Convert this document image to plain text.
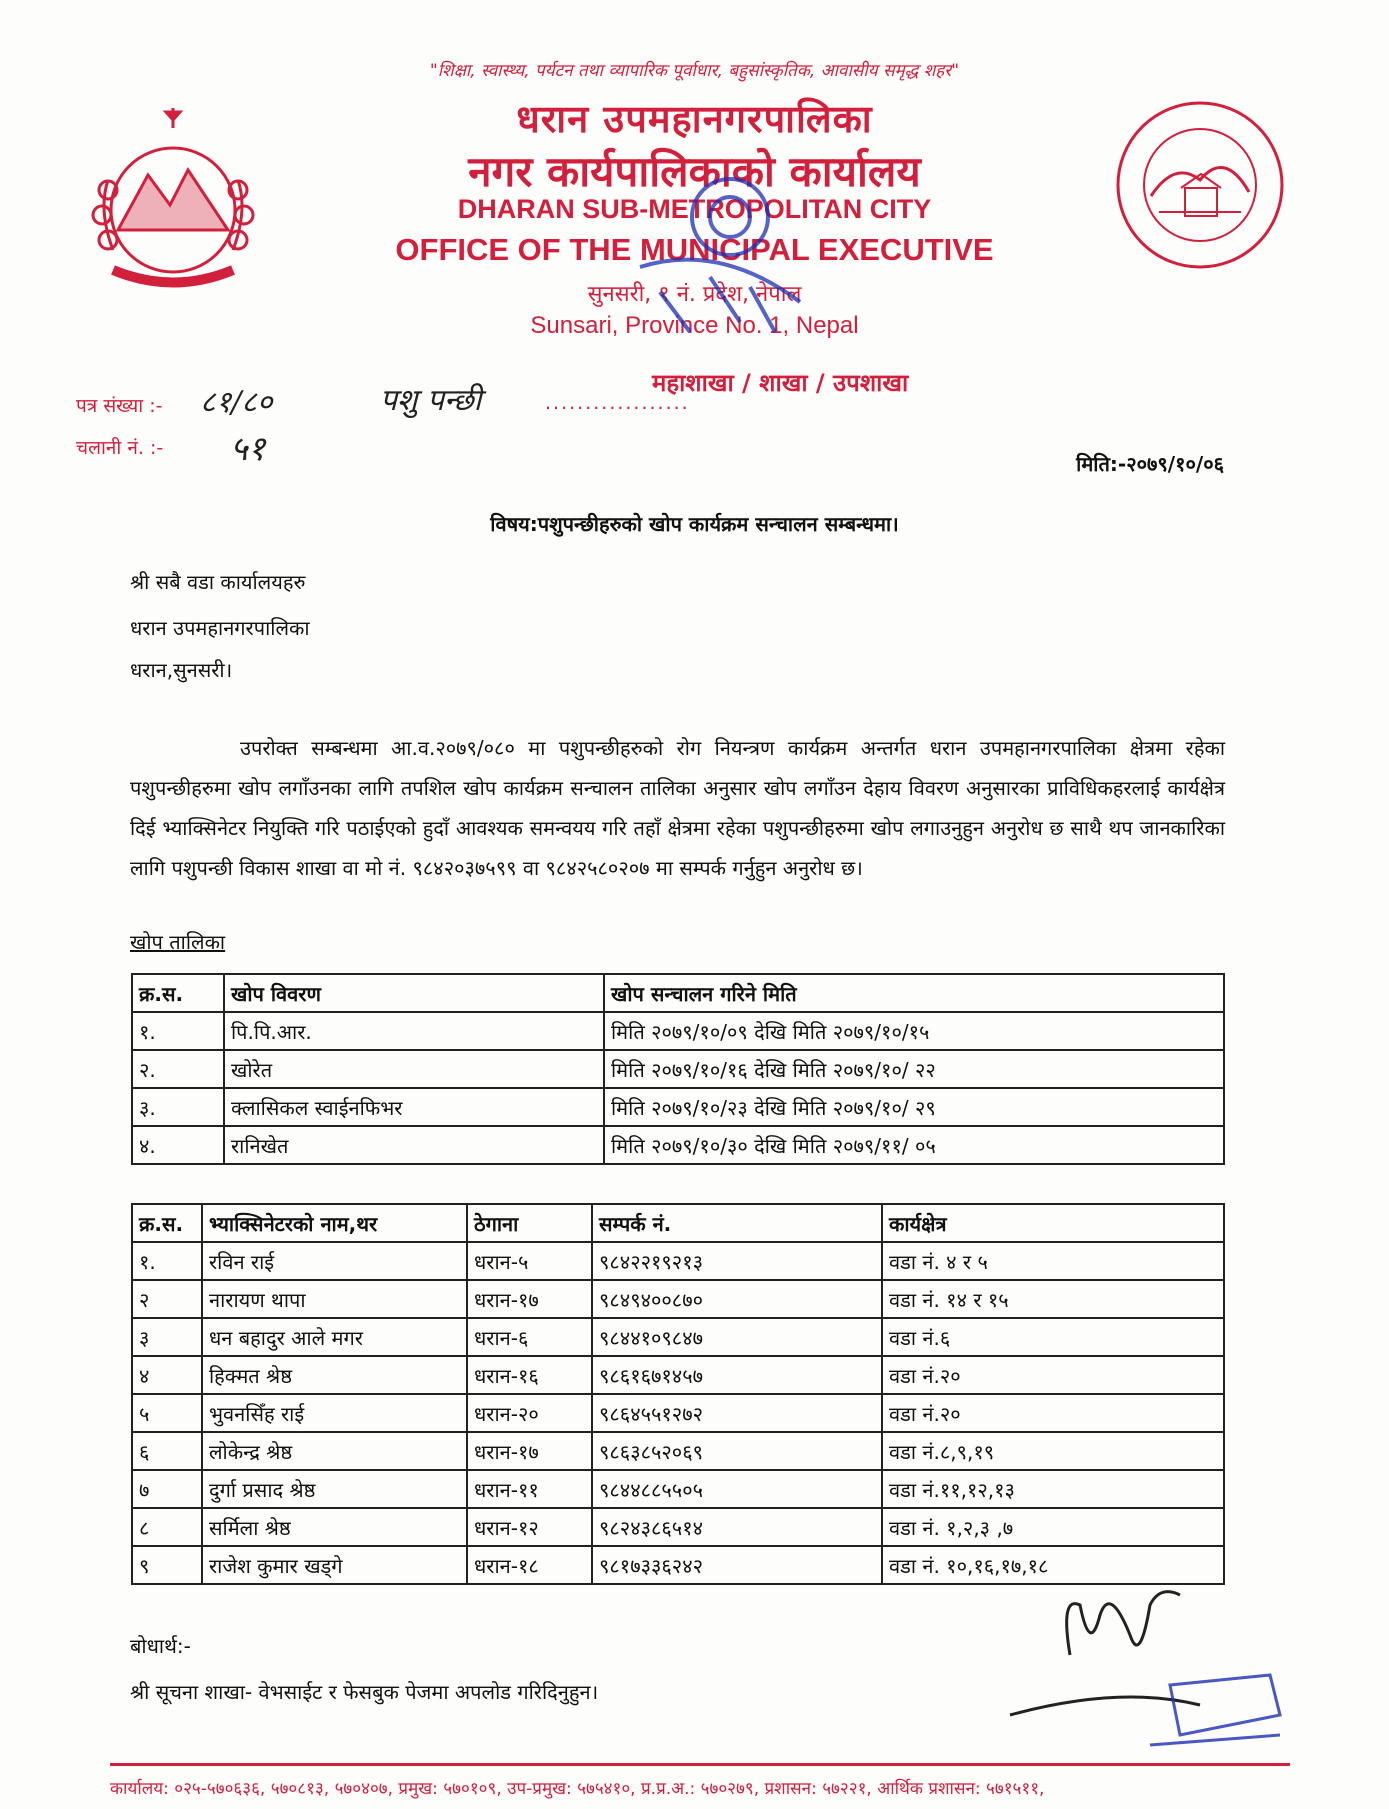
"शिक्षा, स्वास्थ्य, पर्यटन तथा व्यापारिक पूर्वाधार, बहुसांस्कृतिक, आवासीय समृद्ध शहर"
धरान उपमहानगरपालिका
नगर कार्यपालिकाको कार्यालय
DHARAN SUB-METROPOLITAN CITY
OFFICE OF THE MUNICIPAL EXECUTIVE
सुनसरी, १ नं. प्रदेश, नेपाल
Sunsari, Province No. 1, Nepal
पत्र संख्या :- ८१/८०
चलानी नं. :- ५१
पशु पन्छी	..................
महाशाखा / शाखा / उपशाखा
मिति:-२०७९/१०/०६
विषय:पशुपन्छीहरुको खोप कार्यक्रम सन्चालन सम्बन्धमा।
श्री सबै वडा कार्यालयहरु
धरान उपमहानगरपालिका
धरान,सुनसरी।
उपरोक्त सम्बन्धमा आ.व.२०७९/०८० मा पशुपन्छीहरुको रोग नियन्त्रण कार्यक्रम अन्तर्गत धरान उपमहानगरपालिका क्षेत्रमा रहेका पशुपन्छीहरुमा खोप लगाँउनका लागि तपशिल खोप कार्यक्रम सन्चालन तालिका अनुसार खोप लगाँउन देहाय विवरण अनुसारका प्राविधिकहरलाई कार्यक्षेत्र दिई भ्याक्सिनेटर नियुक्ति गरि पठाईएको हुदाँ आवश्यक समन्वयय गरि तहाँ क्षेत्रमा रहेका पशुपन्छीहरुमा खोप लगाउनुहुन अनुरोध छ साथै थप जानकारिका लागि पशुपन्छी विकास शाखा वा मो नं. ९८४२०३७५९९ वा ९८४२५८०२०७ मा सम्पर्क गर्नुहुन अनुरोध छ।
खोप तालिका
क्र.स.	खोप विवरण	खोप सन्चालन गरिने मिति
१.	पि.पि.आर.	मिति २०७९/१०/०९ देखि मिति २०७९/१०/१५
२.	खोरेत	मिति २०७९/१०/१६ देखि मिति २०७९/१०/ २२
३.	क्लासिकल स्वाईनफिभर	मिति २०७९/१०/२३ देखि मिति २०७९/१०/ २९
४.	रानिखेत	मिति २०७९/१०/३० देखि मिति २०७९/११/ ०५
क्र.स.	भ्याक्सिनेटरको नाम,थर	ठेगाना	सम्पर्क नं.	कार्यक्षेत्र
१.	रविन राई	धरान-५	९८४२२१९२१३	वडा नं. ४ र ५
२	नारायण थापा	धरान-१७	९८४९४००८७०	वडा नं. १४ र १५
३	धन बहादुर आले मगर	धरान-६	९८४४१०९८४७	वडा नं.६
४	हिक्मत श्रेष्ठ	धरान-१६	९८६१६७१४५७	वडा नं.२०
५	भुवनसिँह राई	धरान-२०	९८६४५५१२७२	वडा नं.२०
६	लोकेन्द्र श्रेष्ठ	धरान-१७	९८६३८५२०६९	वडा नं.८,९,१९
७	दुर्गा प्रसाद श्रेष्ठ	धरान-११	९८४४८८५५०५	वडा नं.११,१२,१३
८	सर्मिला श्रेष्ठ	धरान-१२	९८२४३८६५१४	वडा नं. १,२,३ ,७
९	राजेश कुमार खड्गे	धरान-१८	९८१७३३६२४२	वडा नं. १०,१६,१७,१८
बोधार्थ:-
श्री सूचना शाखा- वेभसाईट र फेसबुक पेजमा अपलोड गरिदिनुहुन।
कार्यालय: ०२५-५७०६३६, ५७०८१३, ५७०४०७, प्रमुख: ५७०१०९, उप-प्रमुख: ५७५४१०, प्र.प्र.अ.: ५७०२७९, प्रशासन: ५७२२१, आर्थिक प्रशासन: ५७१५११,
